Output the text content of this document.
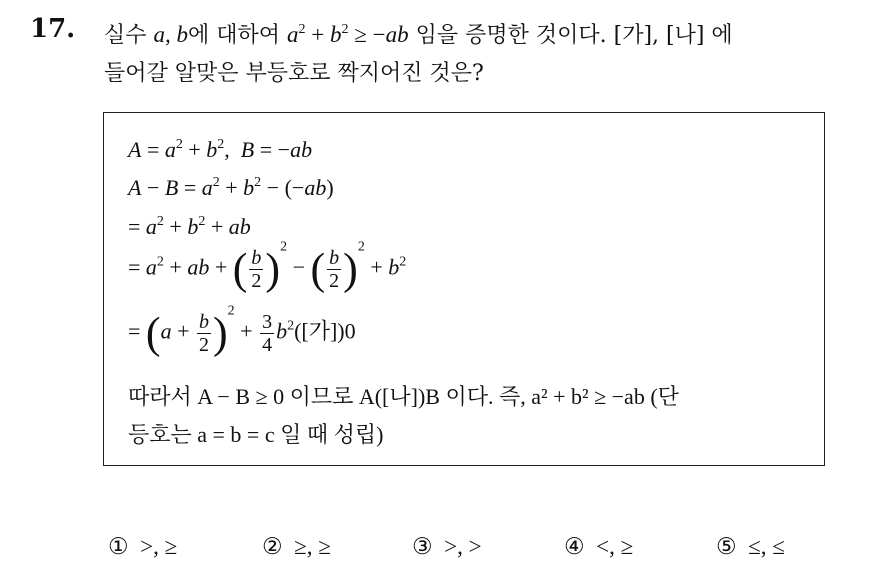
17. 실수 a, b에 대하여 $a^2 + b^2 \ge -ab$ 임을 증명한 것이다. [가], [나] 에
들어갈 알맞은 부등호로 짝지어진 것은?
$A = a^2 + b^2$,  B = −ab
$A - B = a^2 + b^2 - (-ab)$
= $a^2 + b^2$ + ab
= $a^2$ + ab + ( $\frac{b}{2} )^2$ − ( $\frac{b}{2} )^2 + b^2$
= $(a + \frac{b}{2} )^2 + \frac{3}{4} b^2$([가])0
따라서 A − B ≥ 0 이므로 A([나])B 이다. 즉, a² + b² ≥ −ab (단
등호는 a = b = c 일 때 성립)
① >, ≥	② ≥, ≥	③ >, >	④ <, ≥	⑤ ≤, ≤
